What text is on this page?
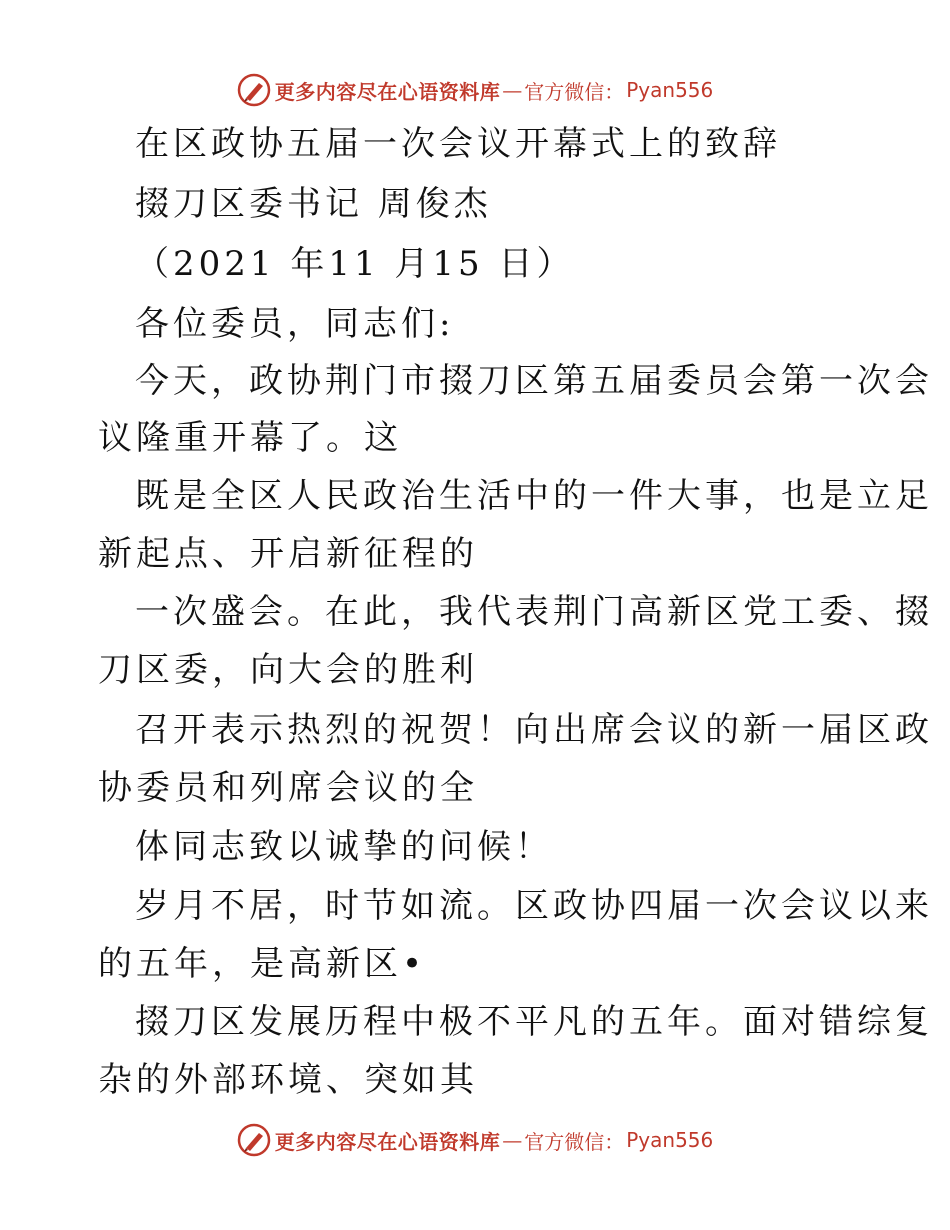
更多内容尽在心语资料库 — 官方微信： Pyan556
在区政协五届一次会议开幕式上的致辞
掇刀区委书记 周俊杰
（2021 年11 月15 日）
各位委员，同志们:
今天，政协荆门市掇刀区第五届委员会第一次会
议隆重开幕了。这
既是全区人民政治生活中的一件大事，也是立足
新起点、开启新征程的
一次盛会。在此，我代表荆门高新区党工委、掇
刀区委，向大会的胜利
召开表示热烈的祝贺！向出席会议的新一届区政
协委员和列席会议的全
体同志致以诚挚的问候！
岁月不居，时节如流。区政协四届一次会议以来
的五年，是高新区•
掇刀区发展历程中极不平凡的五年。面对错综复
杂的外部环境、突如其
更多内容尽在心语资料库 — 官方微信： Pyan556
